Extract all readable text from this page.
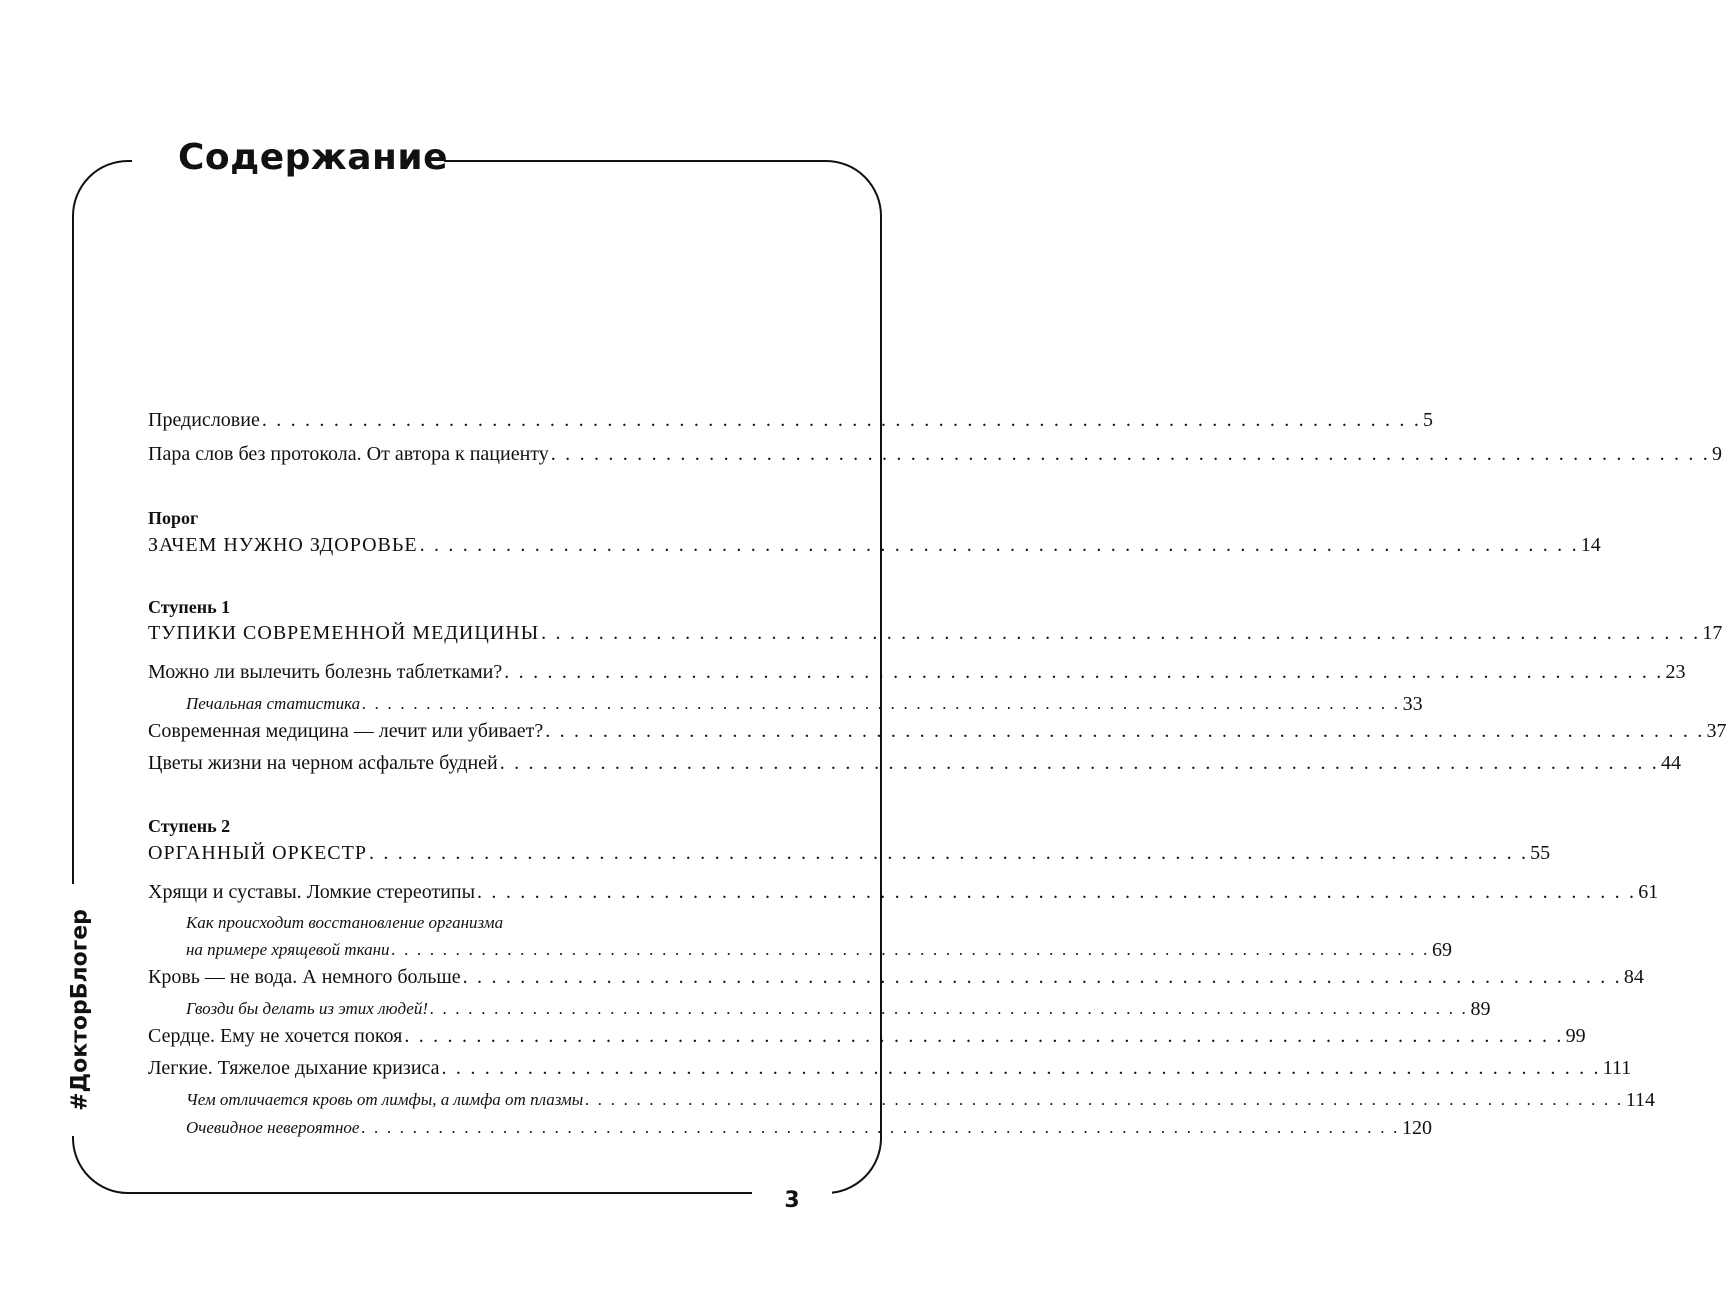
Содержание
#ДокторБлогер
3
Предисловие . . . . . . . . . . . . . . . . . . . . . . . . . . . . . . . . . . . . . . . . . . . . . . . . . . . . . . . . . . . . . . . . . . . . . . . . . . . . . . . . . 5
Пара слов без протокола. От автора к пациенту . . . . . . . . . . . . . . . . . . . . . . . . . . . . . . . . . . . . . . . . . . . . . . . . . . . . . . . . . . . . . . . . . . . . . . . . . . . . . . . . . 9
Порог
ЗАЧЕМ НУЖНО ЗДОРОВЬЕ . . . . . . . . . . . . . . . . . . . . . . . . . . . . . . . . . . . . . . . . . . . . . . . . . . . . . . . . . . . . . . . . . . . . . . . . . . . . . . . . . 14
Ступень 1
ТУПИКИ СОВРЕМЕННОЙ МЕДИЦИНЫ . . . . . . . . . . . . . . . . . . . . . . . . . . . . . . . . . . . . . . . . . . . . . . . . . . . . . . . . . . . . . . . . . . . . . . . . . . . . . . . . . 17
Можно ли вылечить болезнь таблетками? . . . . . . . . . . . . . . . . . . . . . . . . . . . . . . . . . . . . . . . . . . . . . . . . . . . . . . . . . . . . . . . . . . . . . . . . . . . . . . . . . 23
Печальная статистика . . . . . . . . . . . . . . . . . . . . . . . . . . . . . . . . . . . . . . . . . . . . . . . . . . . . . . . . . . . . . . . . . . . . . . . . . . . . . . . . . 33
Современная медицина — лечит или убивает? . . . . . . . . . . . . . . . . . . . . . . . . . . . . . . . . . . . . . . . . . . . . . . . . . . . . . . . . . . . . . . . . . . . . . . . . . . . . . . . . . 37
Цветы жизни на черном асфальте будней . . . . . . . . . . . . . . . . . . . . . . . . . . . . . . . . . . . . . . . . . . . . . . . . . . . . . . . . . . . . . . . . . . . . . . . . . . . . . . . . . 44
Ступень 2
ОРГАННЫЙ ОРКЕСТР . . . . . . . . . . . . . . . . . . . . . . . . . . . . . . . . . . . . . . . . . . . . . . . . . . . . . . . . . . . . . . . . . . . . . . . . . . . . . . . . . 55
Хрящи и суставы. Ломкие стереотипы . . . . . . . . . . . . . . . . . . . . . . . . . . . . . . . . . . . . . . . . . . . . . . . . . . . . . . . . . . . . . . . . . . . . . . . . . . . . . . . . . 61
Как происходит восстановление организма
на примере хрящевой ткани . . . . . . . . . . . . . . . . . . . . . . . . . . . . . . . . . . . . . . . . . . . . . . . . . . . . . . . . . . . . . . . . . . . . . . . . . . . . . . . . . 69
Кровь — не вода. А немного больше . . . . . . . . . . . . . . . . . . . . . . . . . . . . . . . . . . . . . . . . . . . . . . . . . . . . . . . . . . . . . . . . . . . . . . . . . . . . . . . . . 84
Гвозди бы делать из этих людей! . . . . . . . . . . . . . . . . . . . . . . . . . . . . . . . . . . . . . . . . . . . . . . . . . . . . . . . . . . . . . . . . . . . . . . . . . . . . . . . . . 89
Сердце. Ему не хочется покоя . . . . . . . . . . . . . . . . . . . . . . . . . . . . . . . . . . . . . . . . . . . . . . . . . . . . . . . . . . . . . . . . . . . . . . . . . . . . . . . . . 99
Легкие. Тяжелое дыхание кризиса . . . . . . . . . . . . . . . . . . . . . . . . . . . . . . . . . . . . . . . . . . . . . . . . . . . . . . . . . . . . . . . . . . . . . . . . . . . . . . . . . 111
Чем отличается кровь от лимфы, а лимфа от плазмы . . . . . . . . . . . . . . . . . . . . . . . . . . . . . . . . . . . . . . . . . . . . . . . . . . . . . . . . . . . . . . . . . . . . . . . . . . . . . . . . . 114
Очевидное невероятное . . . . . . . . . . . . . . . . . . . . . . . . . . . . . . . . . . . . . . . . . . . . . . . . . . . . . . . . . . . . . . . . . . . . . . . . . . . . . . . . . 120
